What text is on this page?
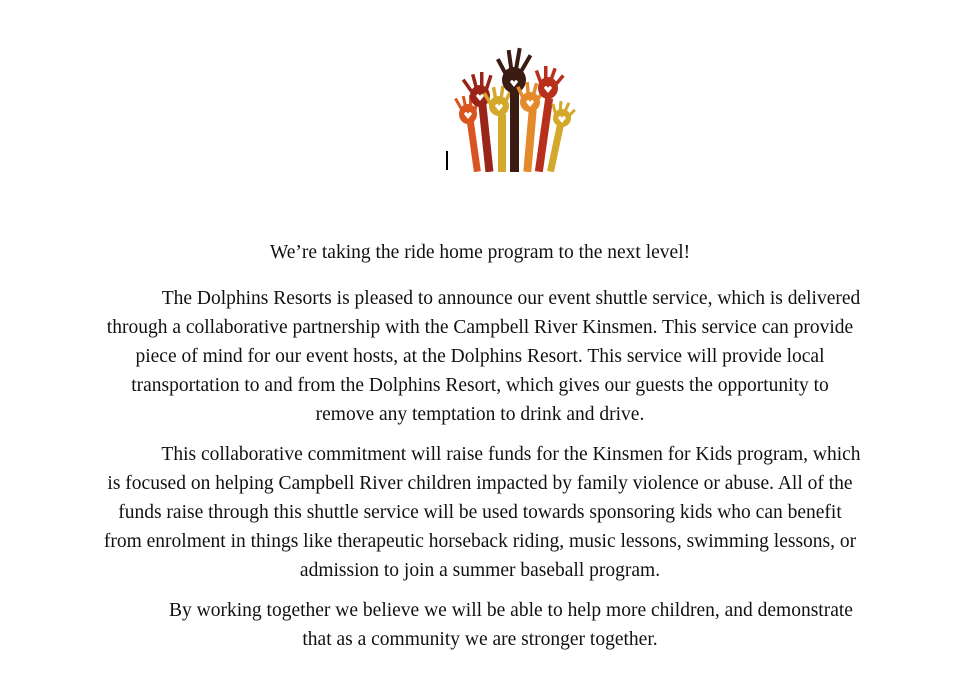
We’re taking the ride home program to the next level!

The Dolphins Resorts is pleased to announce our event shuttle service, which is delivered
through a collaborative partnership with the Campbell River Kinsmen. This service can provide
piece of mind for our event hosts, at the Dolphins Resort. This service will provide local
transportation to and from the Dolphins Resort, which gives our guests the opportunity to
remove any temptation to drink and drive.

This collaborative commitment will raise funds for the Kinsmen for Kids program, which
is focused on helping Campbell River children impacted by family violence or abuse. All of the
funds raise through this shuttle service will be used towards sponsoring kids who can benefit
from enrolment in things like therapeutic horseback riding, music lessons, swimming lessons, or
admission to join a summer baseball program.

By working together we believe we will be able to help more children, and demonstrate
that as a community we are stronger together.
